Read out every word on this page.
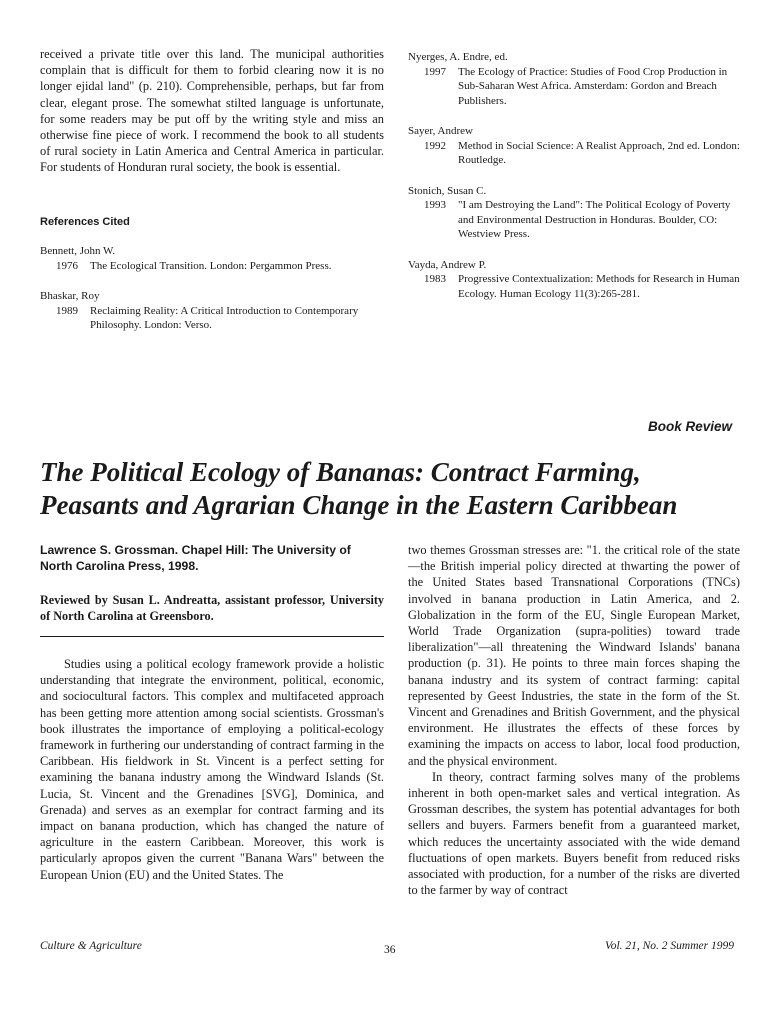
received a private title over this land. The municipal authorities complain that is difficult for them to forbid clearing now it is no longer ejidal land" (p. 210). Comprehensible, perhaps, but far from clear, elegant prose. The somewhat stilted language is unfortunate, for some readers may be put off by the writing style and miss an otherwise fine piece of work. I recommend the book to all students of rural society in Latin America and Central America in particular. For students of Honduran rural society, the book is essential.

References Cited
Bennett, John W.
1976	The Ecological Transition. London: Pergammon Press.
Bhaskar, Roy
1989	Reclaiming Reality: A Critical Introduction to Contemporary Philosophy. London: Verso.
Nyerges, A. Endre, ed.
1997	The Ecology of Practice: Studies of Food Crop Production in Sub-Saharan West Africa. Amsterdam: Gordon and Breach Publishers.
Sayer, Andrew
1992	Method in Social Science: A Realist Approach, 2nd ed. London: Routledge.
Stonich, Susan C.
1993	"I am Destroying the Land": The Political Ecology of Poverty and Environmental Destruction in Honduras. Boulder, CO: Westview Press.
Vayda, Andrew P.
1983	Progressive Contextualization: Methods for Research in Human Ecology. Human Ecology 11(3):265-281.
Book Review
The Political Ecology of Bananas: Contract Farming, Peasants and Agrarian Change in the Eastern Caribbean
Lawrence S. Grossman. Chapel Hill: The University of North Carolina Press, 1998.
Reviewed by Susan L. Andreatta, assistant professor, University of North Carolina at Greensboro.

Studies using a political ecology framework provide a holistic understanding that integrate the environment, political, economic, and sociocultural factors. This complex and multifaceted approach has been getting more attention among social scientists. Grossman's book illustrates the importance of employing a political-ecology framework in furthering our understanding of contract farming in the Caribbean. His fieldwork in St. Vincent is a perfect setting for examining the banana industry among the Windward Islands (St. Lucia, St. Vincent and the Grenadines [SVG], Dominica, and Grenada) and serves as an exemplar for contract farming and its impact on banana production, which has changed the nature of agriculture in the eastern Caribbean. Moreover, this work is particularly apropos given the current "Banana Wars" between the European Union (EU) and the United States. The

two themes Grossman stresses are: "1. the critical role of the state—the British imperial policy directed at thwarting the power of the United States based Transnational Corporations (TNCs) involved in banana production in Latin America, and 2. Globalization in the form of the EU, Single European Market, World Trade Organization (supra-polities) toward trade liberalization"—all threatening the Windward Islands' banana production (p. 31). He points to three main forces shaping the banana industry and its system of contract farming: capital represented by Geest Industries, the state in the form of the St. Vincent and Grenadines and British Government, and the physical environment. He illustrates the effects of these forces by examining the impacts on access to labor, local food production, and the physical environment.

In theory, contract farming solves many of the problems inherent in both open-market sales and vertical integration. As Grossman describes, the system has potential advantages for both sellers and buyers. Farmers benefit from a guaranteed market, which reduces the uncertainty associated with the wide demand fluctuations of open markets. Buyers benefit from reduced risks associated with production, for a number of the risks are diverted to the farmer by way of contract

Culture & Agriculture	36	Vol. 21, No. 2 Summer 1999
